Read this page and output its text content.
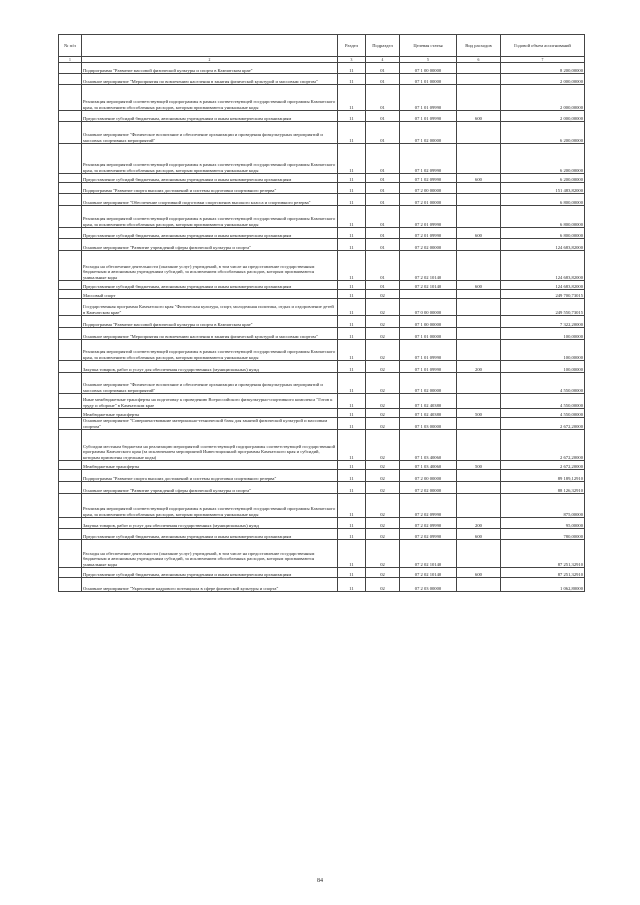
№ п/п		Раздел	Подраздел	Целевая статья	Вид расходов	Годовой объем ассигнований
1	2	3	4	5	6	7
	Подпрограмма "Развитие массовой физической культуры и спорта в Камчатском крае"	11	01	07 1 00 00000		8 200,00000
	Основное мероприятие "Мероприятия по вовлечению населения в занятия физической культурой и массовым спортом"	11	01	07 1 01 00000		2 000,00000
	Реализация мероприятий соответствующей подпрограммы в рамках соответствующей государственной программы Камчатского края, за исключением обособленных расходов, которым присваиваются уникальные коды	11	01	07 1 01 09990		2 000,00000
	Предоставление субсидий бюджетным, автономным учреждениям и иным некоммерческим организациям	11	01	07 1 01 09990	600	2 000,00000
	Основное мероприятие "Физическое воспитание и обеспечение организации и проведения физкультурных мероприятий и массовых спортивных мероприятий"	11	01	07 1 02 00000		6 200,00000
	Реализация мероприятий соответствующей подпрограммы в рамках соответствующей государственной программы Камчатского края, за исключением обособленных расходов, которым присваиваются уникальные коды	11	01	07 1 02 09990		6 200,00000
	Предоставление субсидий бюджетным, автономным учреждениям и иным некоммерческим организациям	11	01	07 1 02 09990	600	6 200,00000
	Подпрограмма "Развитие спорта высших достижений и системы подготовки спортивного резерва"	11	01	07 2 00 00000		151 483,82000
	Основное мероприятие "Обеспечение спортивной подготовки спортсменов высокого класса и спортивного резерва"	11	01	07 2 01 00000		6 800,00000
	Реализация мероприятий соответствующей подпрограммы в рамках соответствующей государственной программы Камчатского края, за исключением обособленных расходов, которым присваиваются уникальные коды	11	01	07 2 01 09990		6 800,00000
	Предоставление субсидий бюджетным, автономным учреждениям и иным некоммерческим организациям	11	01	07 2 01 09990	600	6 800,00000
	Основное мероприятие "Развитие учреждений сферы физической культуры и спорта"	11	01	07 2 02 00000		124 683,82000
	Расходы на обеспечение деятельности (оказание услуг) учреждений, в том числе на предоставление государственным бюджетным и автономным учреждениям субсидий, за исключением обособленных расходов, которым присваиваются уникальные коды	11	01	07 2 02 10140		124 683,82000
	Предоставление субсидий бюджетным, автономным учреждениям и иным некоммерческим организациям	11	01	07 2 02 10140	600	124 683,82000
	Массовый спорт	11	02			249 700,73015
	Государственная программа Камчатского края "Физическая культура, спорт, молодежная политика, отдых и оздоровление детей в Камчатском крае"	11	02	07 0 00 00000		249 550,73015
	Подпрограмма "Развитие массовой физической культуры и спорта в Камчатском крае"	11	02	07 1 00 00000		7 322,20000
	Основное мероприятие "Мероприятия по вовлечению населения в занятия физической культурой и массовым спортом"	11	02	07 1 01 00000		100,00000
	Реализация мероприятий соответствующей подпрограммы в рамках соответствующей государственной программы Камчатского края, за исключением обособленных расходов, которым присваиваются уникальные коды	11	02	07 1 01 09990		100,00000
	Закупка товаров, работ и услуг для обеспечения государственных (муниципальных) нужд	11	02	07 1 01 09990	200	100,00000
	Основное мероприятие "Физическое воспитание и обеспечение организации и проведения физкультурных мероприятий и массовых спортивных мероприятий"	11	02	07 1 02 00000		4 550,00000
	Иные межбюджетные трансферты на подготовку к проведению Всероссийского физкультурно-спортивного комплекса "Готов к труду и обороне" в Камчатском крае	11	02	07 1 02 40380		4 550,00000
	Межбюджетные трансферты	11	02	07 1 02 40380	500	4 550,00000
	Основное мероприятие "Совершенствование материально-технической базы для занятий физической культурой и массовым спортом"	11	02	07 1 03 00000		2 672,20000
	Субсидии местным бюджетам на реализацию мероприятий соответствующей подпрограммы соответствующей государственной программы Камчатского края (за исключением мероприятий Инвестиционной программы Камчатского края и субсидий, которым присвоены отдельные коды)	11	02	07 1 03 40060		2 672,20000
	Межбюджетные трансферты	11	02	07 1 03 40060	500	2 672,20000
	Подпрограмма "Развитие спорта высших достижений и системы подготовки спортивного резерва"	11	02	07 2 00 00000		89 189,12910
	Основное мероприятие "Развитие учреждений сферы физической культуры и спорта"	11	02	07 2 02 00000		88 126,32910
	Реализация мероприятий соответствующей подпрограммы в рамках соответствующей государственной программы Камчатского края, за исключением обособленных расходов, которым присваиваются уникальные коды	11	02	07 2 02 09990		875,00000
	Закупка товаров, работ и услуг для обеспечения государственных (муниципальных) нужд	11	02	07 2 02 09990	200	95,00000
	Предоставление субсидий бюджетным, автономным учреждениям и иным некоммерческим организациям	11	02	07 2 02 09990	600	780,00000
	Расходы на обеспечение деятельности (оказание услуг) учреждений, в том числе на предоставление государственным бюджетным и автономным учреждениям субсидий, за исключением обособленных расходов, которым присваиваются уникальные коды	11	02	07 2 02 10140		87 251,32910
	Предоставление субсидий бюджетным, автономным учреждениям и иным некоммерческим организациям	11	02	07 2 02 10140	600	87 251,32910
	Основное мероприятие "Укрепление кадрового потенциала в сфере физической культуры и спорта"	11	02	07 2 03 00000		1 062,80000
84
